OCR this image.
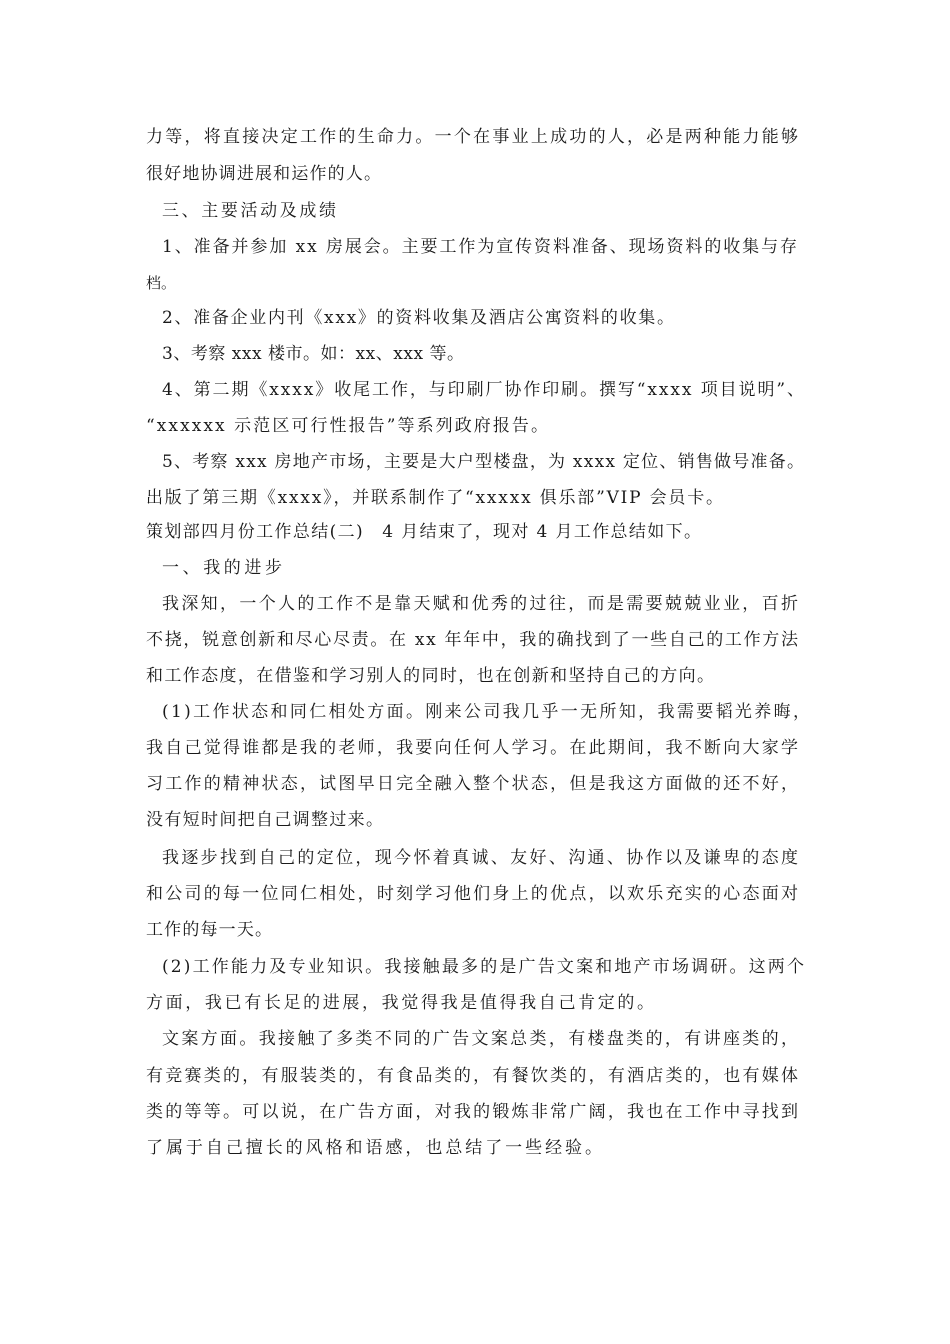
力等，将直接决定工作的生命力。一个在事业上成功的人，必是两种能力能够
很好地协调进展和运作的人。
三、主要活动及成绩
1、准备并参加 xx 房展会。主要工作为宣传资料准备、现场资料的收集与存
档。
2、准备企业内刊《xxx》的资料收集及酒店公寓资料的收集。
3、考察 xxx 楼市。如：xx、xxx 等。
4、第二期《xxxx》收尾工作，与印刷厂协作印刷。撰写“xxxx 项目说明”、
“xxxxxx 示范区可行性报告”等系列政府报告。
5、考察 xxx 房地产市场，主要是大户型楼盘，为 xxxx 定位、销售做号准备。
出版了第三期《xxxx》，并联系制作了“xxxxx 俱乐部”VIP 会员卡。
策划部四月份工作总结(二)　4 月结束了，现对 4 月工作总结如下。
一、我的进步
我深知，一个人的工作不是靠天赋和优秀的过往，而是需要兢兢业业，百折
不挠，锐意创新和尽心尽责。在 xx 年年中，我的确找到了一些自己的工作方法
和工作态度，在借鉴和学习别人的同时，也在创新和坚持自己的方向。
(1)工作状态和同仁相处方面。刚来公司我几乎一无所知，我需要韬光养晦，
我自己觉得谁都是我的老师，我要向任何人学习。在此期间，我不断向大家学
习工作的精神状态，试图早日完全融入整个状态，但是我这方面做的还不好，
没有短时间把自己调整过来。
我逐步找到自己的定位，现今怀着真诚、友好、沟通、协作以及谦卑的态度
和公司的每一位同仁相处，时刻学习他们身上的优点，以欢乐充实的心态面对
工作的每一天。
(2)工作能力及专业知识。我接触最多的是广告文案和地产市场调研。这两个
方面，我已有长足的进展，我觉得我是值得我自己肯定的。
文案方面。我接触了多类不同的广告文案总类，有楼盘类的，有讲座类的，
有竞赛类的，有服装类的，有食品类的，有餐饮类的，有酒店类的，也有媒体
类的等等。可以说，在广告方面，对我的锻炼非常广阔，我也在工作中寻找到
了属于自己擅长的风格和语感，也总结了一些经验。
